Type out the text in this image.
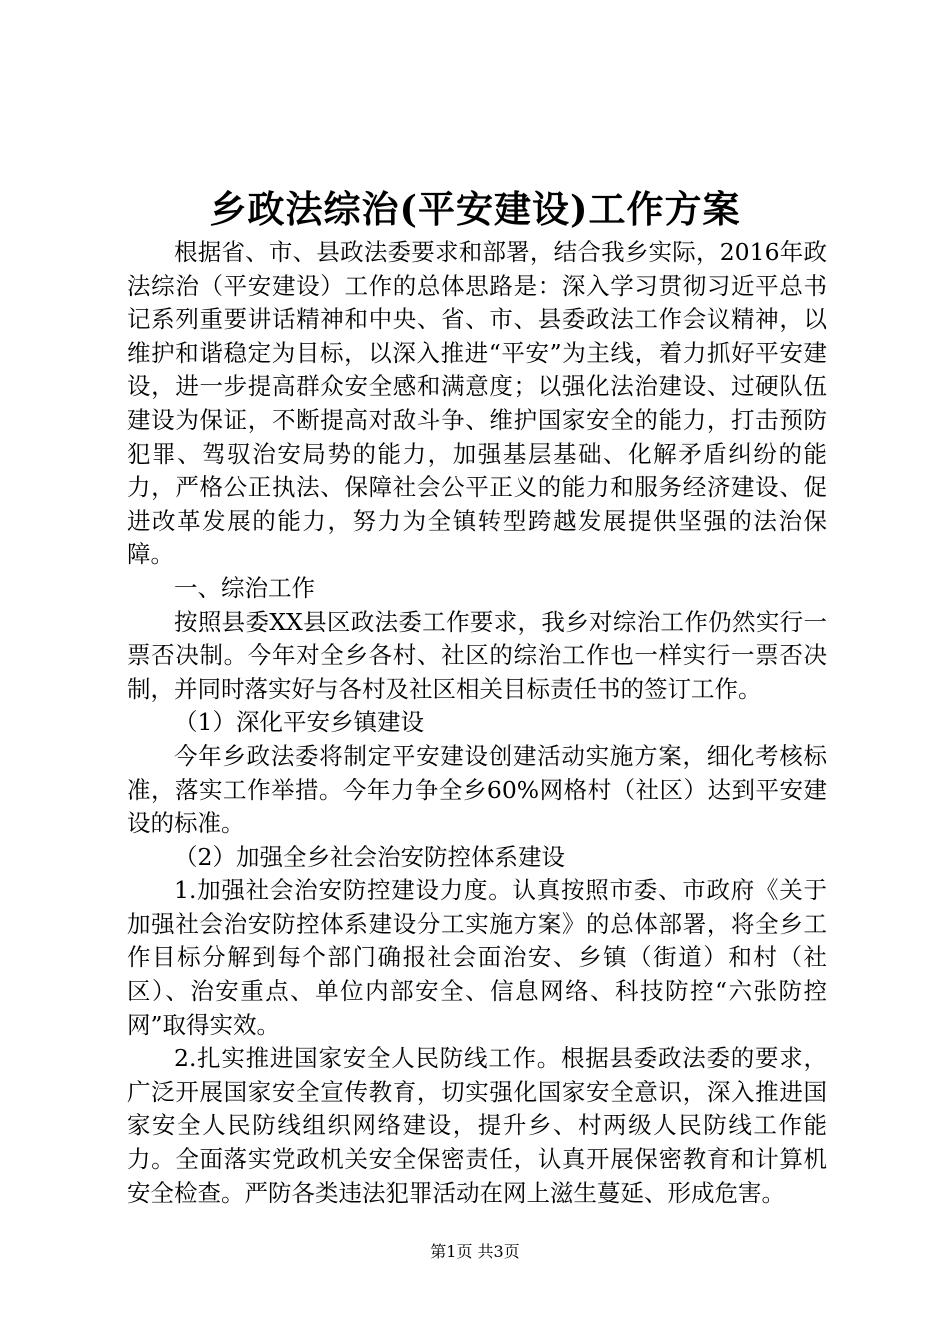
乡政法综治(平安建设)工作方案

根据省、市、县政法委要求和部署，结合我乡实际，2016年政法综治（平安建设）工作的总体思路是：深入学习贯彻习近平总书记系列重要讲话精神和中央、省、市、县委政法工作会议精神，以维护和谐稳定为目标，以深入推进“平安”为主线，着力抓好平安建设，进一步提高群众安全感和满意度；以强化法治建设、过硬队伍建设为保证，不断提高对敌斗争、维护国家安全的能力，打击预防犯罪、驾驭治安局势的能力，加强基层基础、化解矛盾纠纷的能力，严格公正执法、保障社会公平正义的能力和服务经济建设、促进改革发展的能力，努力为全镇转型跨越发展提供坚强的法治保障。

一、综治工作

按照县委XX县区政法委工作要求，我乡对综治工作仍然实行一票否决制。今年对全乡各村、社区的综治工作也一样实行一票否决制，并同时落实好与各村及社区相关目标责任书的签订工作。

（1）深化平安乡镇建设

今年乡政法委将制定平安建设创建活动实施方案，细化考核标准，落实工作举措。今年力争全乡60%网格村（社区）达到平安建设的标准。

（2）加强全乡社会治安防控体系建设

1.加强社会治安防控建设力度。认真按照市委、市政府《关于加强社会治安防控体系建设分工实施方案》的总体部署，将全乡工作目标分解到每个部门确报社会面治安、乡镇（街道）和村（社区）、治安重点、单位内部安全、信息网络、科技防控“六张防控网”取得实效。

2.扎实推进国家安全人民防线工作。根据县委政法委的要求，广泛开展国家安全宣传教育，切实强化国家安全意识，深入推进国家安全人民防线组织网络建设，提升乡、村两级人民防线工作能力。全面落实党政机关安全保密责任，认真开展保密教育和计算机安全检查。严防各类违法犯罪活动在网上滋生蔓延、形成危害。

第1页 共3页
